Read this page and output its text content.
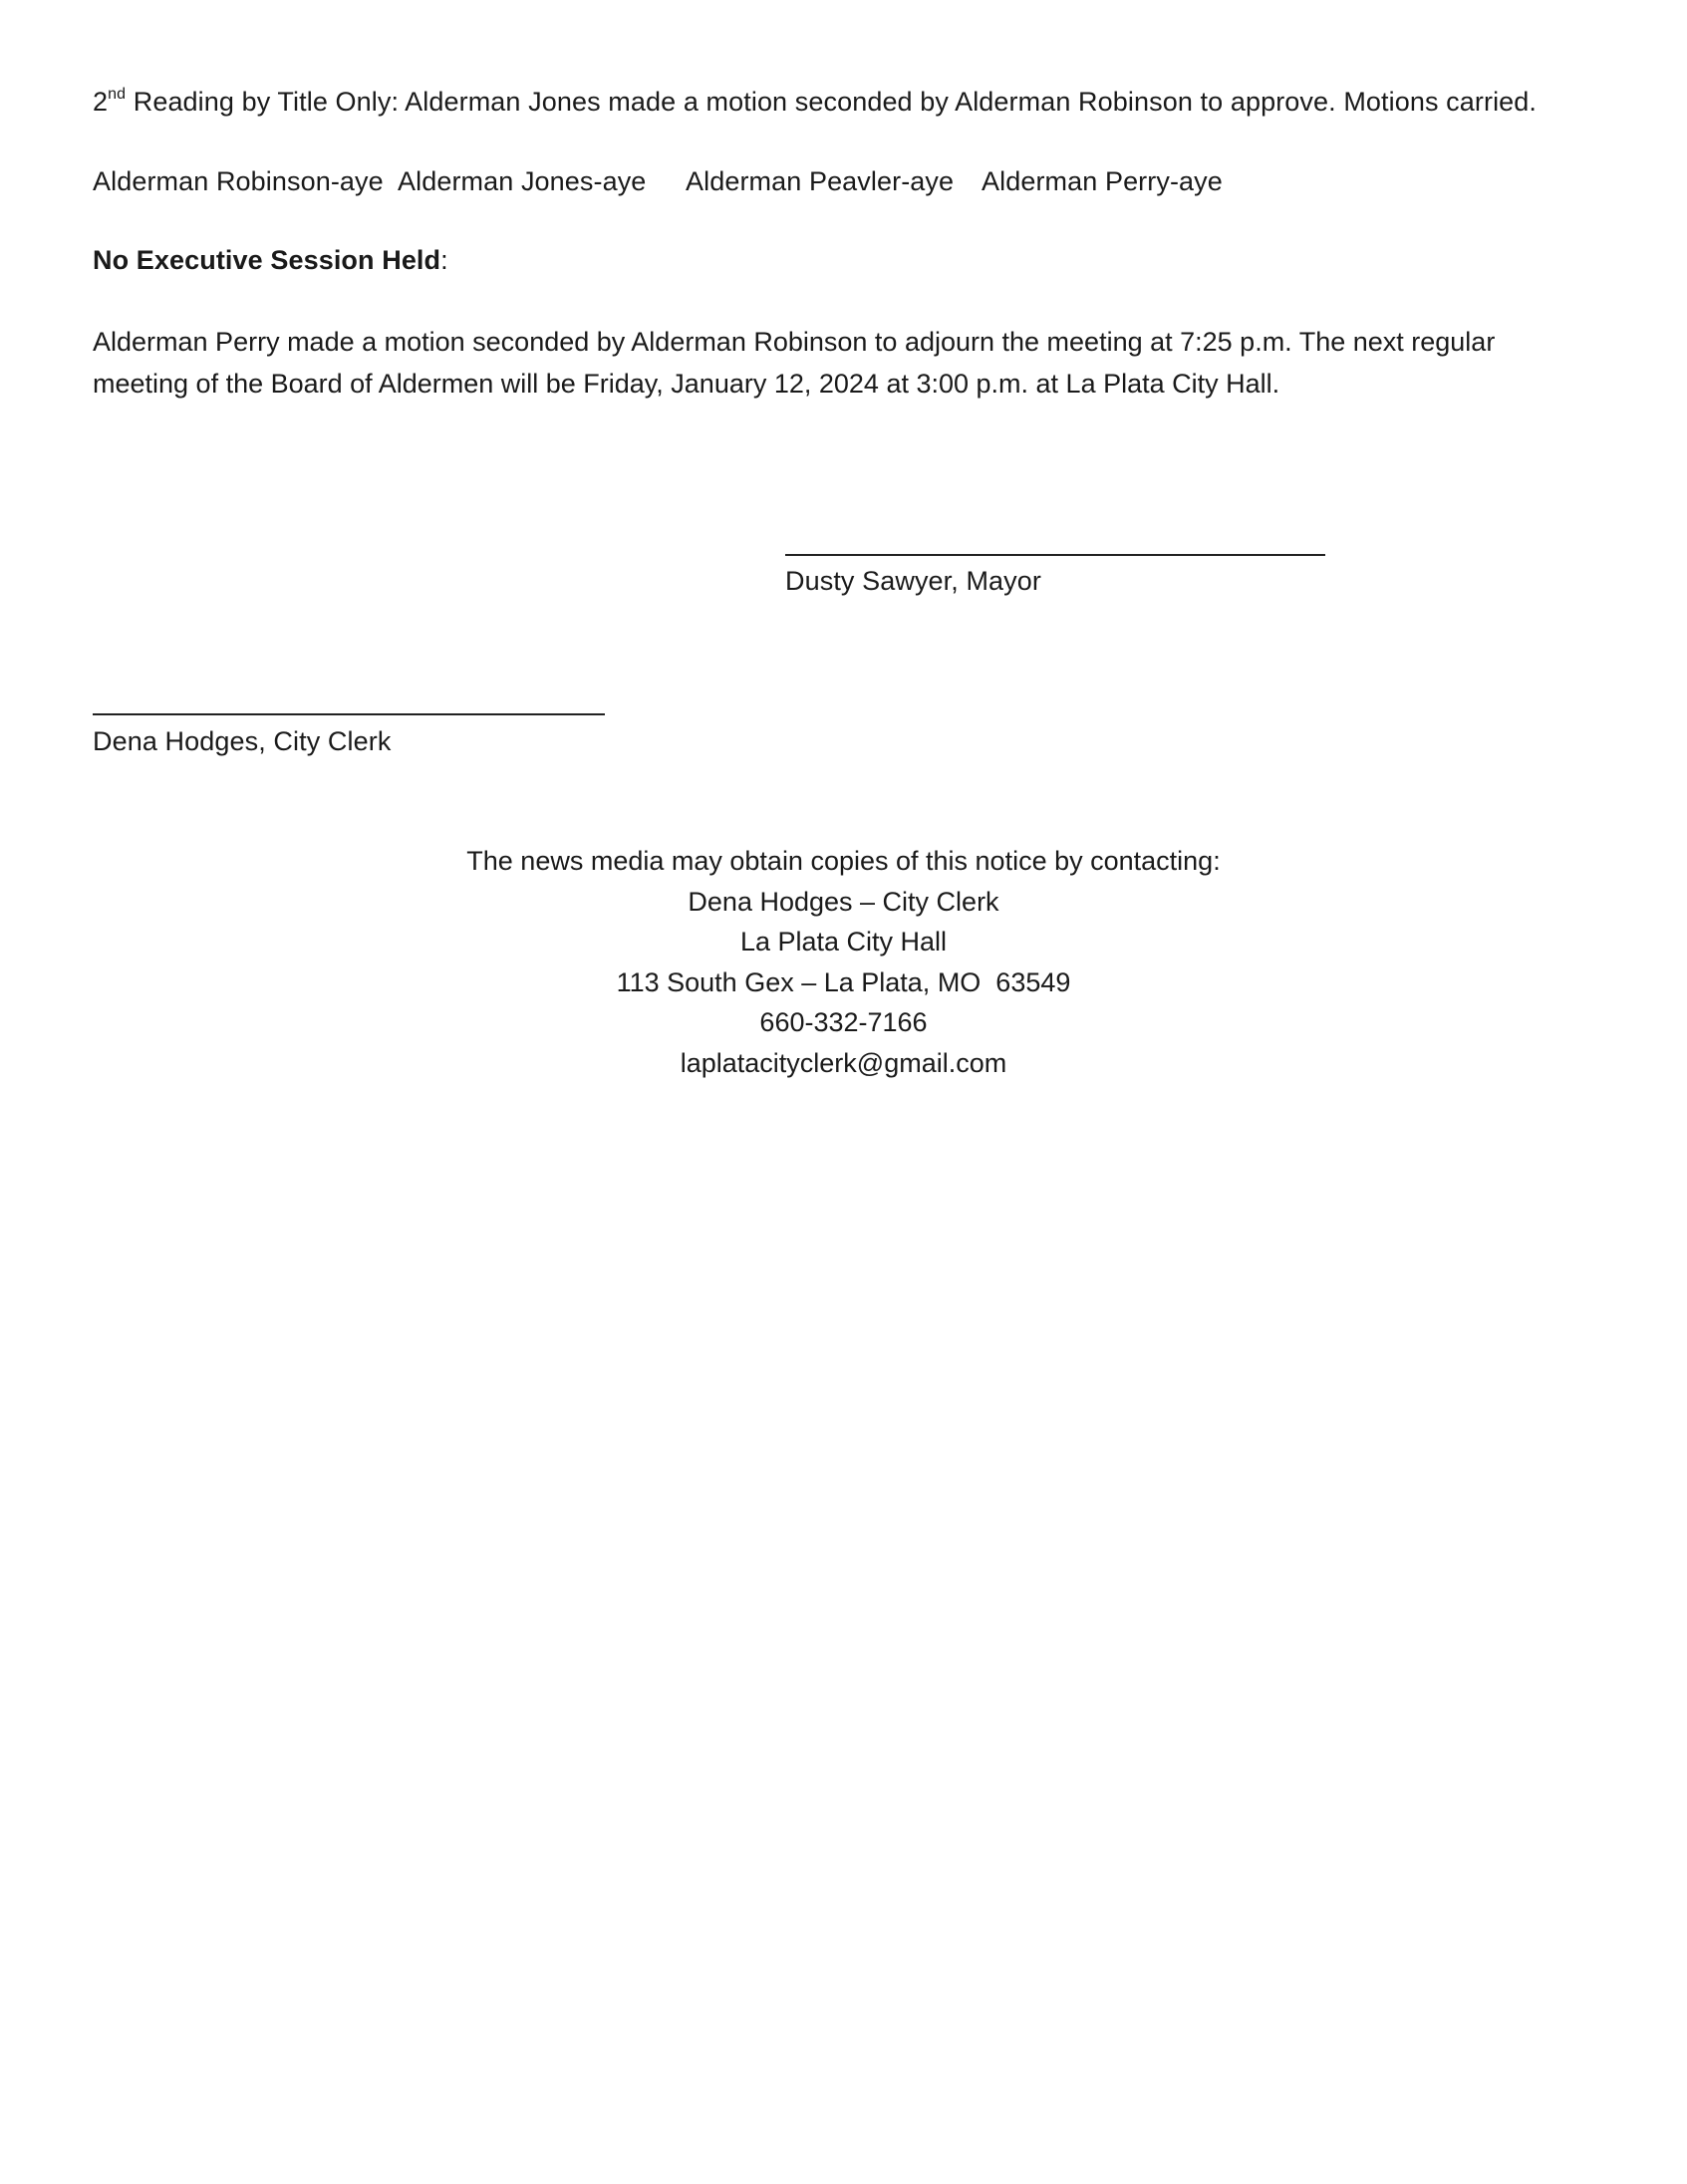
2nd Reading by Title Only: Alderman Jones made a motion seconded by Alderman Robinson to approve. Motions carried.
Alderman Robinson-aye Alderman Jones-aye Alderman Peavler-aye Alderman Perry-aye
No Executive Session Held:
Alderman Perry made a motion seconded by Alderman Robinson to adjourn the meeting at 7:25 p.m. The next regular
meeting of the Board of Aldermen will be Friday, January 12, 2024 at 3:00 p.m. at La Plata City Hall.
Dusty Sawyer, Mayor
Dena Hodges, City Clerk
The news media may obtain copies of this notice by contacting:
Dena Hodges – City Clerk
La Plata City Hall
113 South Gex – La Plata, MO  63549
660-332-7166
laplatacityclerk@gmail.com
